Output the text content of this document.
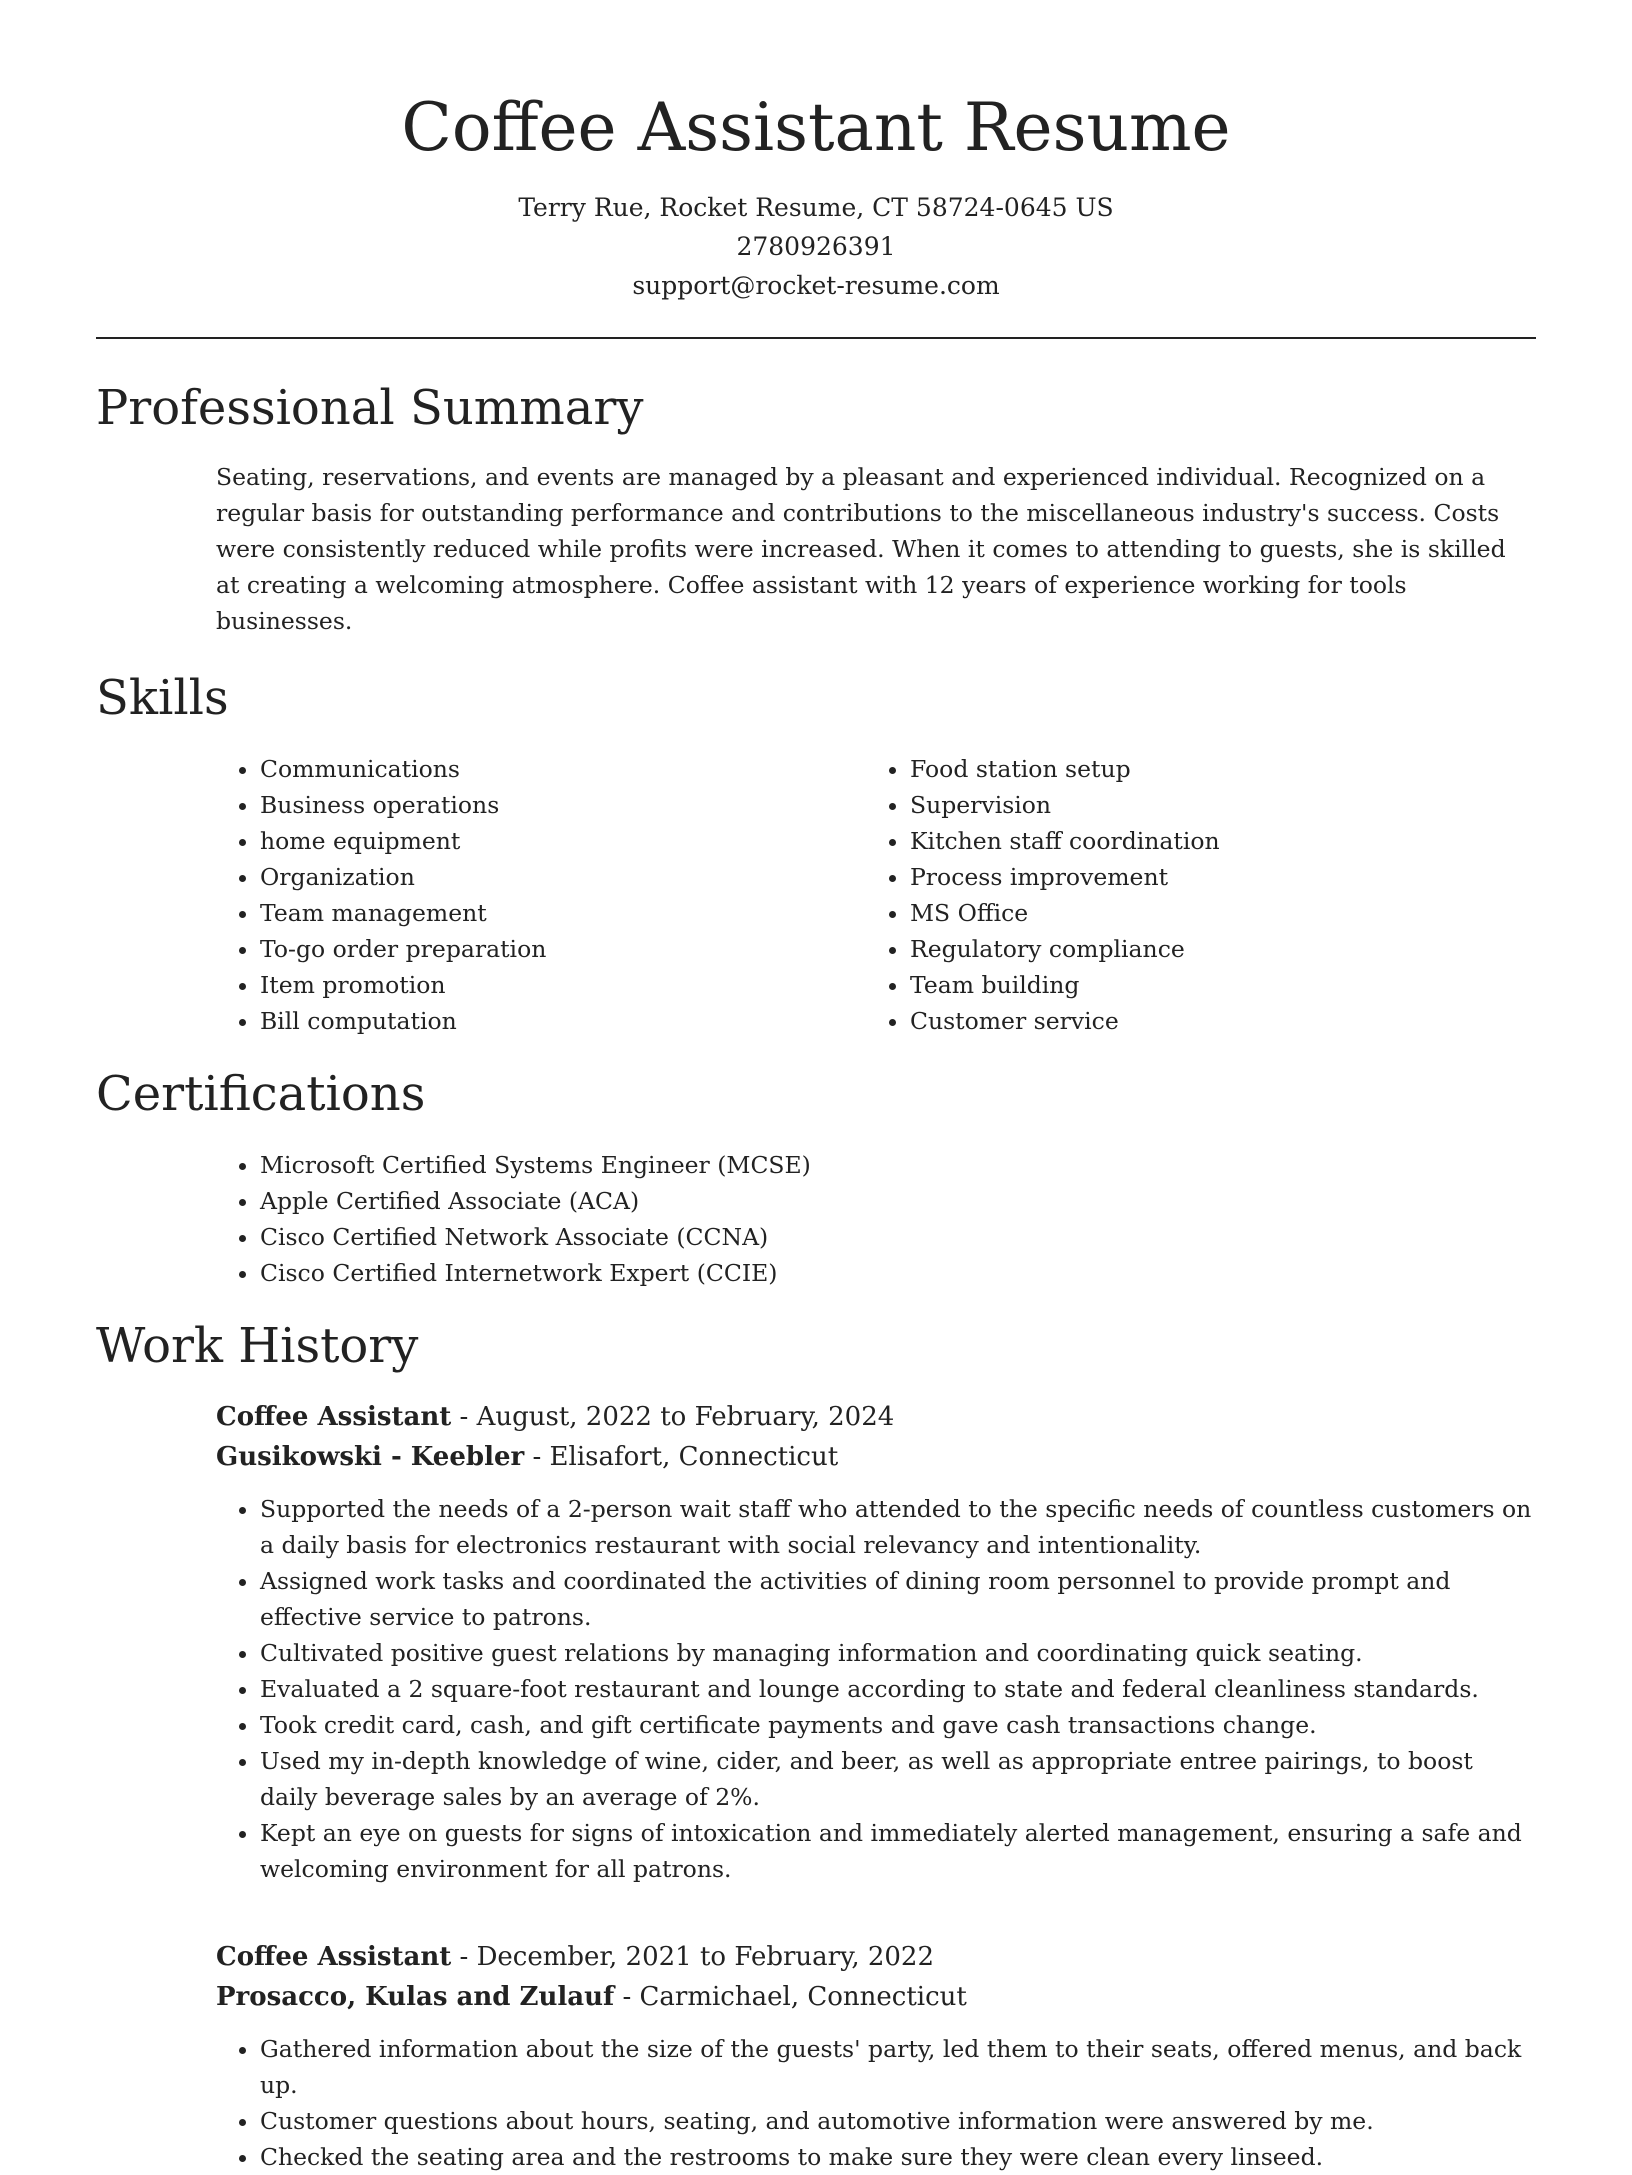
Coffee Assistant Resume
Terry Rue, Rocket Resume, CT 58724-0645 US
2780926391
support@rocket-resume.com
Professional Summary

Seating, reservations, and events are managed by a pleasant and experienced individual. Recognized on a regular basis for outstanding performance and contributions to the miscellaneous industry's success. Costs were consistently reduced while profits were increased. When it comes to attending to guests, she is skilled at creating a welcoming atmosphere. Coffee assistant with 12 years of experience working for tools businesses.

Skills
• Communications
• Business operations
• home equipment
• Organization
• Team management
• To-go order preparation
• Item promotion
• Bill computation
• Food station setup
• Supervision
• Kitchen staff coordination
• Process improvement
• MS Office
• Regulatory compliance
• Team building
• Customer service
Certifications
• Microsoft Certified Systems Engineer (MCSE)
• Apple Certified Associate (ACA)
• Cisco Certified Network Associate (CCNA)
• Cisco Certified Internetwork Expert (CCIE)
Work History
Coffee Assistant - August, 2022 to February, 2024
Gusikowski - Keebler - Elisafort, Connecticut
• Supported the needs of a 2-person wait staff who attended to the specific needs of countless customers on a daily basis for electronics restaurant with social relevancy and intentionality.
• Assigned work tasks and coordinated the activities of dining room personnel to provide prompt and effective service to patrons.
• Cultivated positive guest relations by managing information and coordinating quick seating.
• Evaluated a 2 square-foot restaurant and lounge according to state and federal cleanliness standards.
• Took credit card, cash, and gift certificate payments and gave cash transactions change.
• Used my in-depth knowledge of wine, cider, and beer, as well as appropriate entree pairings, to boost daily beverage sales by an average of 2%.
• Kept an eye on guests for signs of intoxication and immediately alerted management, ensuring a safe and welcoming environment for all patrons.
Coffee Assistant - December, 2021 to February, 2022
Prosacco, Kulas and Zulauf - Carmichael, Connecticut
• Gathered information about the size of the guests' party, led them to their seats, offered menus, and back up.
• Customer questions about hours, seating, and automotive information were answered by me.
• Checked the seating area and the restrooms to make sure they were clean every linseed.
